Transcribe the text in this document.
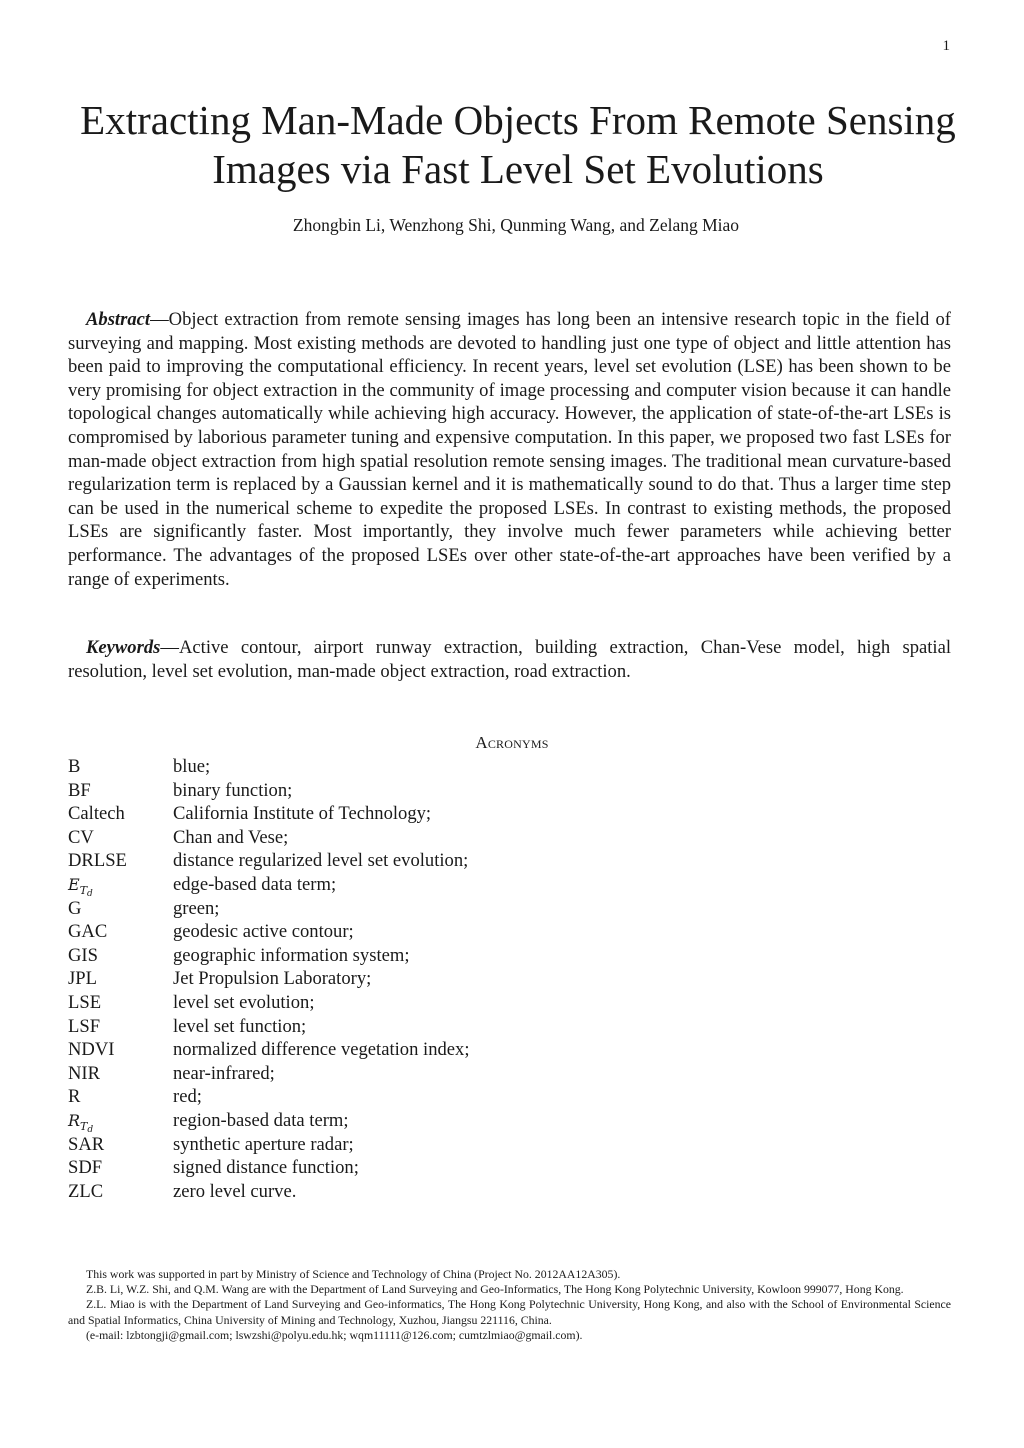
1
Extracting Man-Made Objects From Remote Sensing Images via Fast Level Set Evolutions
Zhongbin Li, Wenzhong Shi, Qunming Wang, and Zelang Miao

Abstract—Object extraction from remote sensing images has long been an intensive research topic in the field of surveying and mapping. Most existing methods are devoted to handling just one type of object and little attention has been paid to improving the computational efficiency. In recent years, level set evolution (LSE) has been shown to be very promising for object extraction in the community of image processing and computer vision because it can handle topological changes automatically while achieving high accuracy. However, the application of state-of-the-art LSEs is compromised by laborious parameter tuning and expensive computation. In this paper, we proposed two fast LSEs for man-made object extraction from high spatial resolution remote sensing images. The traditional mean curvature-based regularization term is replaced by a Gaussian kernel and it is mathematically sound to do that. Thus a larger time step can be used in the numerical scheme to expedite the proposed LSEs. In contrast to existing methods, the proposed LSEs are significantly faster. Most importantly, they involve much fewer parameters while achieving better performance. The advantages of the proposed LSEs over other state-of-the-art approaches have been verified by a range of experiments.

Keywords—Active contour, airport runway extraction, building extraction, Chan-Vese model, high spatial resolution, level set evolution, man-made object extraction, road extraction.

Acronyms
B	blue;
BF	binary function;
Caltech	California Institute of Technology;
CV	Chan and Vese;
DRLSE	distance regularized level set evolution;
$E_{T_d}$	edge-based data term;
G	green;
GAC	geodesic active contour;
GIS	geographic information system;
JPL	Jet Propulsion Laboratory;
LSE	level set evolution;
LSF	level set function;
NDVI	normalized difference vegetation index;
NIR	near-infrared;
R	red;
$R_{T_d}$	region-based data term;
SAR	synthetic aperture radar;
SDF	signed distance function;
ZLC	zero level curve.

This work was supported in part by Ministry of Science and Technology of China (Project No. 2012AA12A305).

Z.B. Li, W.Z. Shi, and Q.M. Wang are with the Department of Land Surveying and Geo-Informatics, The Hong Kong Polytechnic University, Kowloon 999077, Hong Kong.

Z.L. Miao is with the Department of Land Surveying and Geo-informatics, The Hong Kong Polytechnic University, Hong Kong, and also with the School of Environmental Science and Spatial Informatics, China University of Mining and Technology, Xuzhou, Jiangsu 221116, China.

(e-mail: lzbtongji@gmail.com; lswzshi@polyu.edu.hk; wqm11111@126.com; cumtzlmiao@gmail.com).
